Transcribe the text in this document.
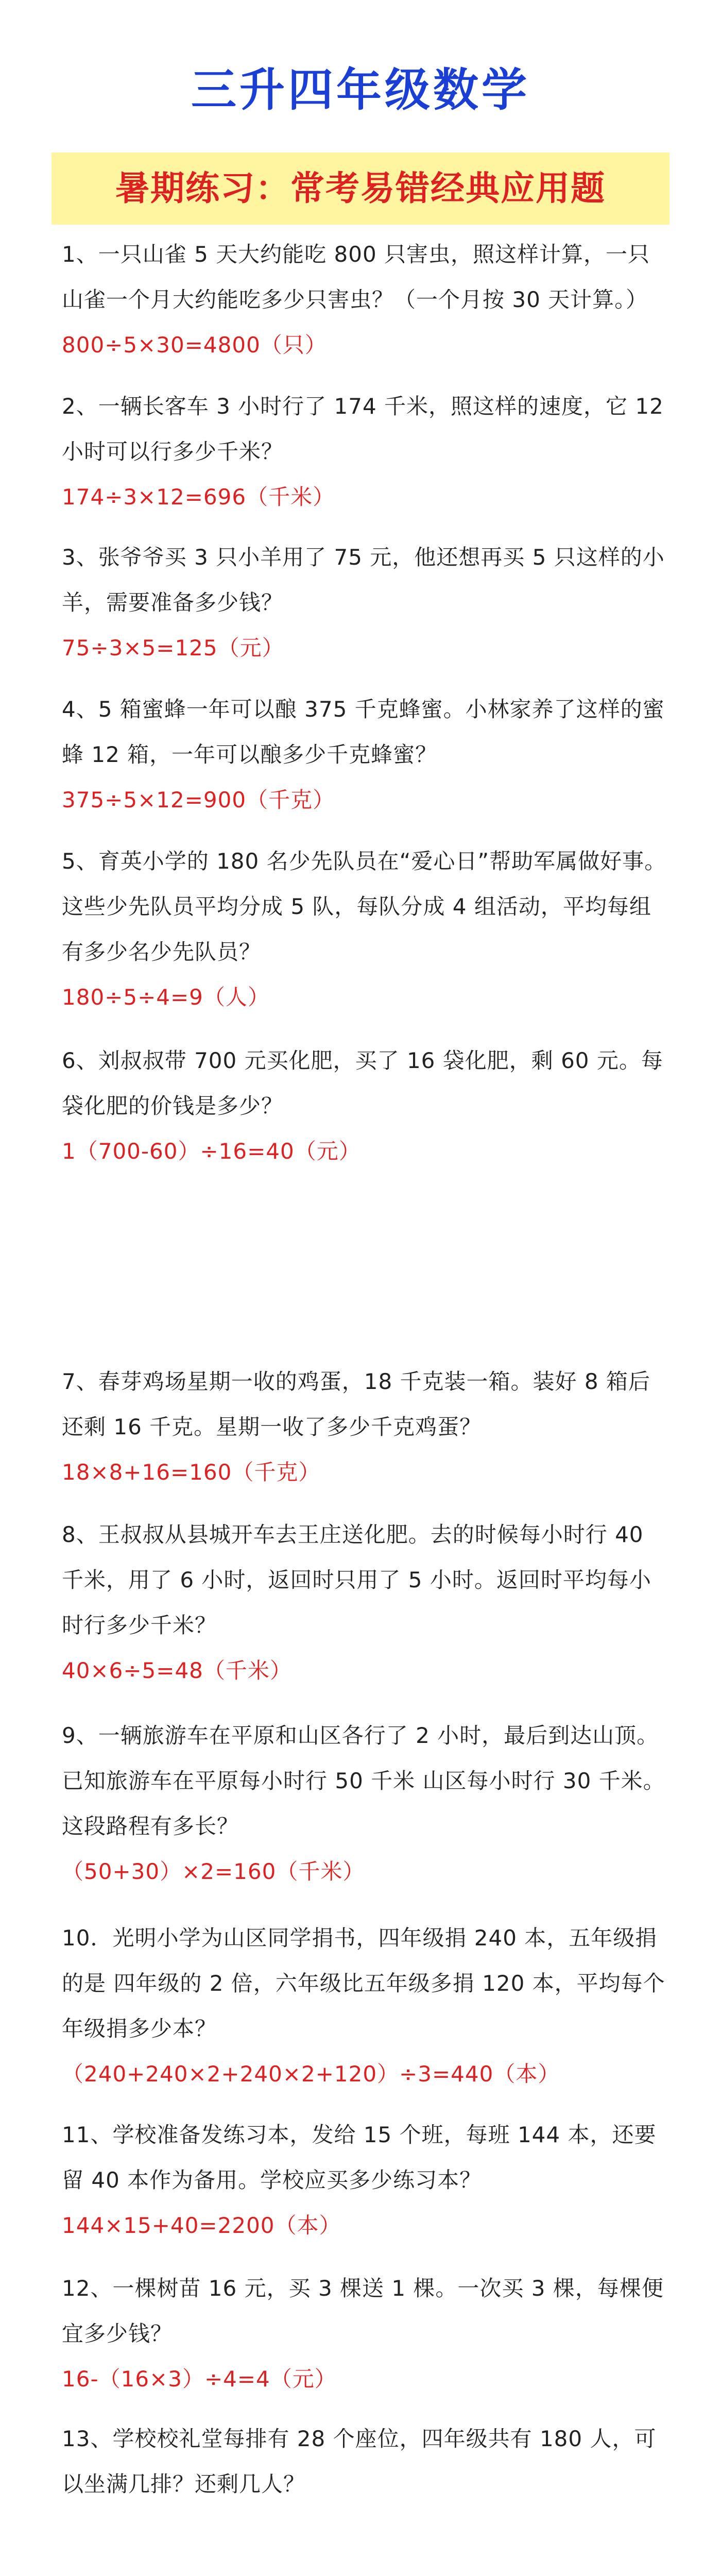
三升四年级数学
暑期练习：常考易错经典应用题

1、一只山雀 5 天大约能吃 800 只害虫，照这样计算，一只山雀一个月大约能吃多少只害虫？（一个月按 30 天计算。）

800÷5×30=4800（只）

2、一辆长客车 3 小时行了 174 千米，照这样的速度，它 12 小时可以行多少千米？

174÷3×12=696（千米）

3、张爷爷买 3 只小羊用了 75 元，他还想再买 5 只这样的小羊，需要准备多少钱？

75÷3×5=125（元）

4、5 箱蜜蜂一年可以酿 375 千克蜂蜜。小林家养了这样的蜜蜂 12 箱，一年可以酿多少千克蜂蜜？

375÷5×12=900（千克）

5、育英小学的 180 名少先队员在“爱心日”帮助军属做好事。这些少先队员平均分成 5 队，每队分成 4 组活动，平均每组有多少名少先队员？

180÷5÷4=9（人）

6、刘叔叔带 700 元买化肥，买了 16 袋化肥，剩 60 元。每袋化肥的价钱是多少？

1（700-60）÷16=40（元）

7、春芽鸡场星期一收的鸡蛋，18 千克装一箱。装好 8 箱后还剩 16 千克。星期一收了多少千克鸡蛋？

18×8+16=160（千克）

8、王叔叔从县城开车去王庄送化肥。去的时候每小时行 40 千米，用了 6 小时，返回时只用了 5 小时。返回时平均每小时行多少千米？

40×6÷5=48（千米）

9、一辆旅游车在平原和山区各行了 2 小时，最后到达山顶。已知旅游车在平原每小时行 50 千米 山区每小时行 30 千米。这段路程有多长？

（50+30）×2=160（千米）

10．光明小学为山区同学捐书，四年级捐 240 本，五年级捐的是 四年级的 2 倍，六年级比五年级多捐 120 本，平均每个年级捐多少本？

（240+240×2+240×2+120）÷3=440（本）

11、学校准备发练习本，发给 15 个班，每班 144 本，还要留 40 本作为备用。学校应买多少练习本？

144×15+40=2200（本）

12、一棵树苗 16 元，买 3 棵送 1 棵。一次买 3 棵，每棵便宜多少钱？

16-（16×3）÷4=4（元）

13、学校校礼堂每排有 28 个座位，四年级共有 180 人，可以坐满几排？还剩几人？
